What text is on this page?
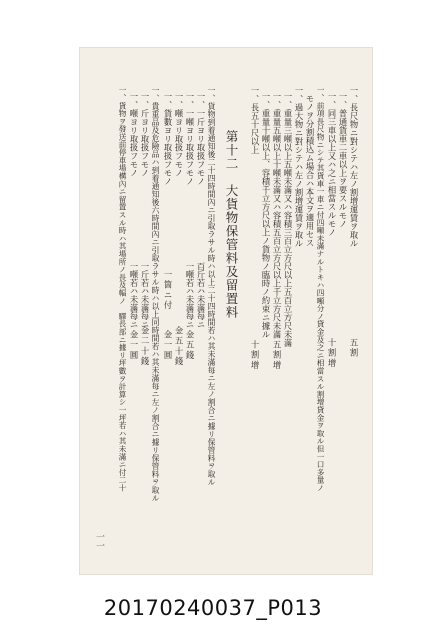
一、長尺物ニ對シテハ左ノ割增運賃ヲ取ル
一、普通貨車二車以上ヲ要スルモノ
一、同三車以上又ハ之ニ相當スルモノ
一、前項長尺物ニシテ其貨車一車ニ付四噸未滿ナルトキハ四噸分ノ貸金及之ニ相當スル割增貸金ヲ取ル但一口多量ノ
モノヲ分割積込ム場合ハ本文ヲ適用セス
一、過大物ニ對シテハ左ノ割增運賃ヲ取ル
一、重量三噸以上五噸未滿又ハ容積三百立方尺以上五百立方尺未滿
一、重量五噸以上十噸未滿又ハ容積五百立方尺以上千立方尺未滿
一、重量十噸以上、容積千立方尺以上ノ貨物ノ臨時ノ約束ニ據ル
一、長五十尺以上
第十二　大貨物保管料及留置料
一、貨物到着通知後二十四時間內ニ引取ラサル時ハ以上二十四時間若ハ其未滿每ニ左ノ割合ニ據リ保管料ヲ取ル
一、一斤ヨリ取扱フモノ
一、一噸ヨリ取扱フモノ
一、噸ヨリ取扱フモノ
一、貨數ヨリ取扱フモノ
一、貴重品及危險品ハ到着通知後六時間內ニ引取ラサル時ハ以上同時間若ハ其未滿每ニ左ノ割合ニ據リ保管料ヲ取ル
一、斤ヨリ取扱フモノ
一、噸ヨリ取扱フモノ
一、貨物ヲ發送前停車場構內ニ留置スル時ハ其場所ノ長及幅ノ　驛長部ニ據リ坪數ヲ計算シ一坪若ハ其未滿ニ付二十	五割
十割增
五割增
十割增
百斤若ハ未滿每ニ
一噸若ハ未滿每ニ
一箇ニ付
一斤若ハ未滿每ニ
一噸若ハ未滿每ニ
金五錢
金五十錢
金一圓
金二十錢
金一圓
一一
20170240037_P013
